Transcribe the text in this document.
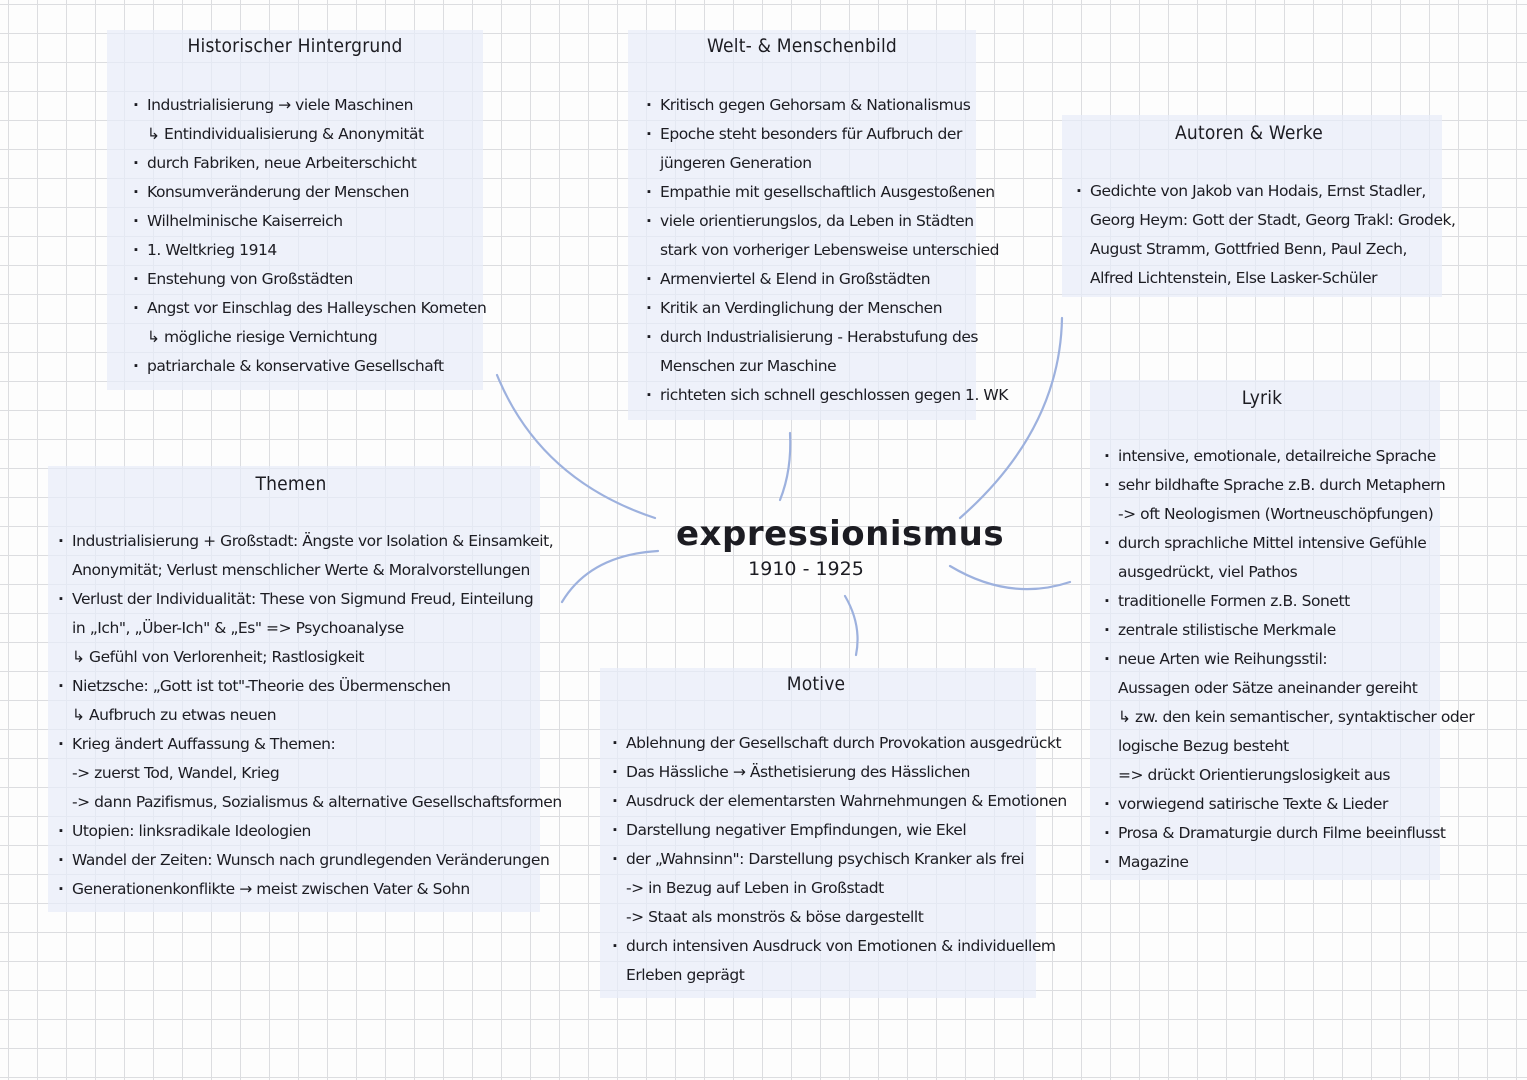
Historischer Hintergrund
· Industrialisierung → viele Maschinen
↳ Entindividualisierung & Anonymität
· durch Fabriken, neue Arbeiterschicht
· Konsumveränderung der Menschen
· Wilhelminische Kaiserreich
· 1. Weltkrieg 1914
· Enstehung von Großstädten
· Angst vor Einschlag des Halleyschen Kometen
↳ mögliche riesige Vernichtung
· patriarchale & konservative Gesellschaft
Welt- & Menschenbild
· Kritisch gegen Gehorsam & Nationalismus
· Epoche steht besonders für Aufbruch der
jüngeren Generation
· Empathie mit gesellschaftlich Ausgestoßenen
· viele orientierungslos, da Leben in Städten
stark von vorheriger Lebensweise unterschied
· Armenviertel & Elend in Großstädten
· Kritik an Verdinglichung der Menschen
· durch Industrialisierung - Herabstufung des
Menschen zur Maschine
· richteten sich schnell geschlossen gegen 1. WK
Autoren & Werke
· Gedichte von Jakob van Hodais, Ernst Stadler,
Georg Heym: Gott der Stadt, Georg Trakl: Grodek,
August Stramm, Gottfried Benn, Paul Zech,
Alfred Lichtenstein, Else Lasker-Schüler
Themen
· Industrialisierung + Großstadt: Ängste vor Isolation & Einsamkeit,
Anonymität; Verlust menschlicher Werte & Moralvorstellungen
· Verlust der Individualität: These von Sigmund Freud, Einteilung
in „Ich", „Über-Ich" & „Es" => Psychoanalyse
↳ Gefühl von Verlorenheit; Rastlosigkeit
· Nietzsche: „Gott ist tot"-Theorie des Übermenschen
↳ Aufbruch zu etwas neuen
· Krieg ändert Auffassung & Themen:
-> zuerst Tod, Wandel, Krieg
-> dann Pazifismus, Sozialismus & alternative Gesellschaftsformen
· Utopien: linksradikale Ideologien
· Wandel der Zeiten: Wunsch nach grundlegenden Veränderungen
· Generationenkonflikte → meist zwischen Vater & Sohn
expressionismus
1910 - 1925
Motive
· Ablehnung der Gesellschaft durch Provokation ausgedrückt
· Das Hässliche → Ästhetisierung des Hässlichen
· Ausdruck der elementarsten Wahrnehmungen & Emotionen
· Darstellung negativer Empfindungen, wie Ekel
· der „Wahnsinn": Darstellung psychisch Kranker als frei
-> in Bezug auf Leben in Großstadt
-> Staat als monströs & böse dargestellt
· durch intensiven Ausdruck von Emotionen & individuellem
Erleben geprägt
Lyrik
· intensive, emotionale, detailreiche Sprache
· sehr bildhafte Sprache z.B. durch Metaphern
-> oft Neologismen (Wortneuschöpfungen)
· durch sprachliche Mittel intensive Gefühle
ausgedrückt, viel Pathos
· traditionelle Formen z.B. Sonett
· zentrale stilistische Merkmale
· neue Arten wie Reihungsstil:
Aussagen oder Sätze aneinander gereiht
↳ zw. den kein semantischer, syntaktischer oder
logische Bezug besteht
=> drückt Orientierungslosigkeit aus
· vorwiegend satirische Texte & Lieder
· Prosa & Dramaturgie durch Filme beeinflusst
· Magazine
